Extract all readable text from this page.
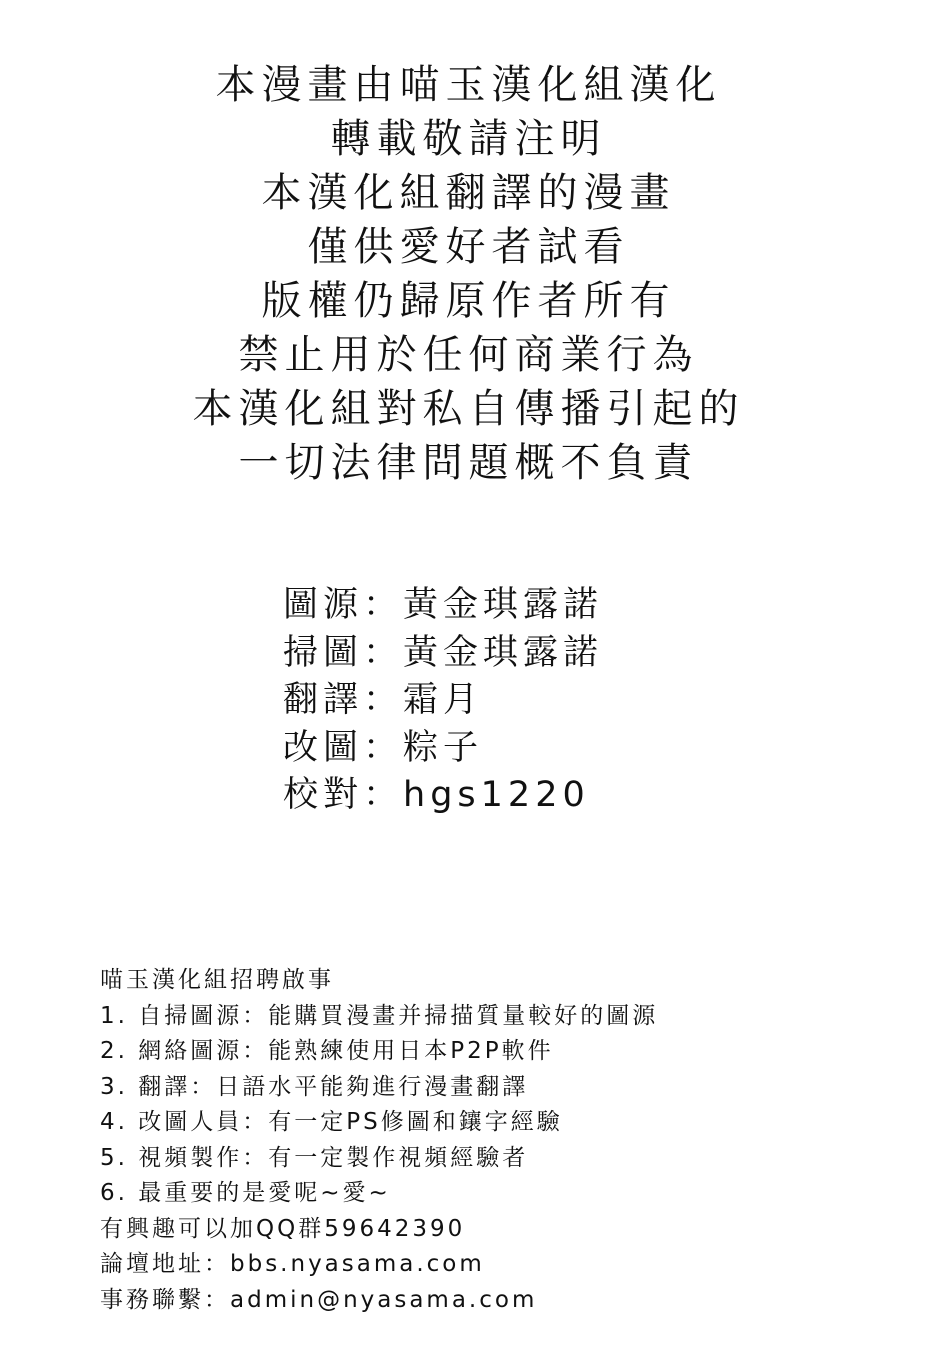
本漫畫由喵玉漢化組漢化
轉載敬請注明
本漢化組翻譯的漫畫
僅供愛好者試看
版權仍歸原作者所有
禁止用於任何商業行為
本漢化組對私自傳播引起的
一切法律問題概不負責
圖源：黃金琪露諾
掃圖：黃金琪露諾
翻譯：霜月
改圖：粽子
校對：hgs1220
喵玉漢化組招聘啟事
1. 自掃圖源：能購買漫畫并掃描質量較好的圖源
2. 網絡圖源：能熟練使用日本P2P軟件
3. 翻譯：日語水平能夠進行漫畫翻譯
4. 改圖人員：有一定PS修圖和鑲字經驗
5. 視頻製作：有一定製作視頻經驗者
6. 最重要的是愛呢~愛~
有興趣可以加QQ群59642390
論壇地址：bbs.nyasama.com
事務聯繫：admin@nyasama.com
